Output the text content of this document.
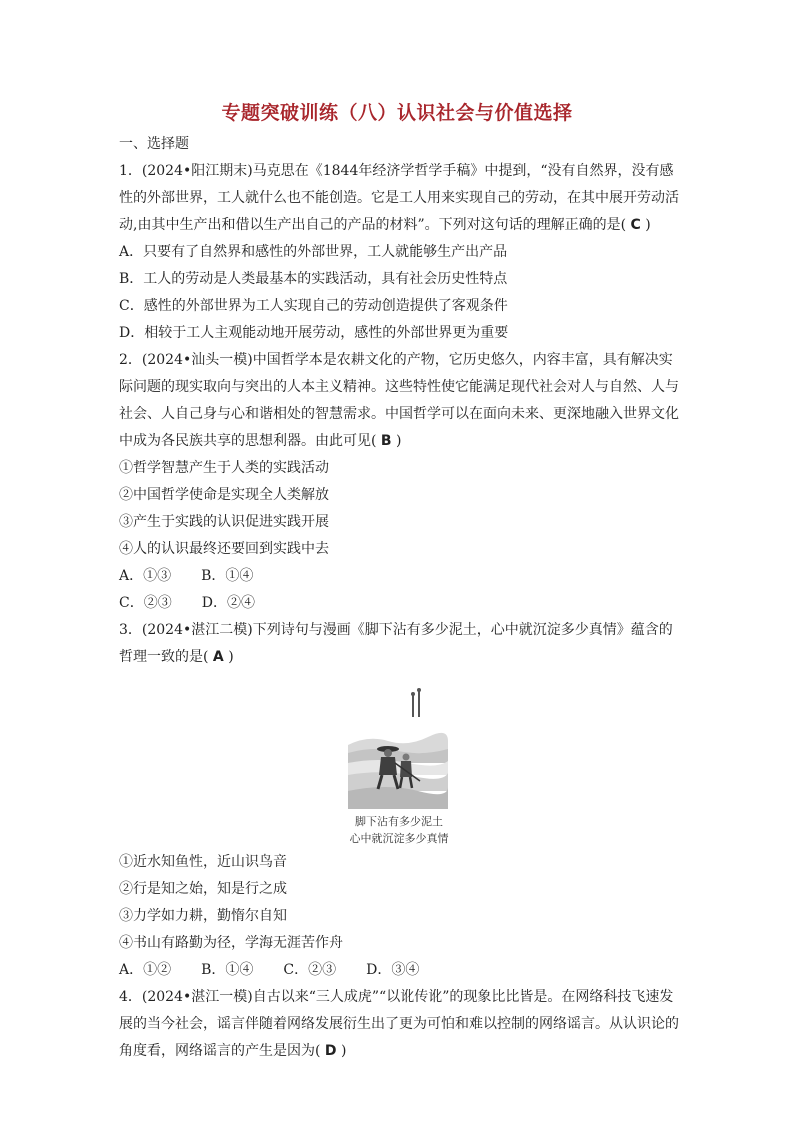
专题突破训练（八）认识社会与价值选择

一、选择题

1．(2024•阳江期末)马克思在《1844年经济学哲学手稿》中提到，“没有自然界，没有感性的外部世界，工人就什么也不能创造。它是工人用来实现自己的劳动，在其中展开劳动活动,由其中生产出和借以生产出自己的产品的材料”。下列对这句话的理解正确的是( C )

A．只要有了自然界和感性的外部世界，工人就能够生产出产品

B．工人的劳动是人类最基本的实践活动，具有社会历史性特点

C．感性的外部世界为工人实现自己的劳动创造提供了客观条件

D．相较于工人主观能动地开展劳动，感性的外部世界更为重要

2．(2024•汕头一模)中国哲学本是农耕文化的产物，它历史悠久，内容丰富，具有解决实际问题的现实取向与突出的人本主义精神。这些特性使它能满足现代社会对人与自然、人与社会、人自己身与心和谐相处的智慧需求。中国哲学可以在面向未来、更深地融入世界文化中成为各民族共享的思想利器。由此可见( B )

①哲学智慧产生于人类的实践活动

②中国哲学使命是实现全人类解放

③产生于实践的认识促进实践开展

④人的认识最终还要回到实践中去

A．①③ B．①④

C．②③ D．②④

3．(2024•湛江二模)下列诗句与漫画《脚下沾有多少泥土，心中就沉淀多少真情》蕴含的哲理一致的是( A )

脚下沾有多少泥土
心中就沉淀多少真情

①近水知鱼性，近山识鸟音

②行是知之始，知是行之成

③力学如力耕，勤惰尔自知

④书山有路勤为径，学海无涯苦作舟

A．①② B．①④ C．②③ D．③④

4．(2024•湛江一模)自古以来“三人成虎”“以讹传讹”的现象比比皆是。在网络科技飞速发展的当今社会，谣言伴随着网络发展衍生出了更为可怕和难以控制的网络谣言。从认识论的角度看，网络谣言的产生是因为( D )
